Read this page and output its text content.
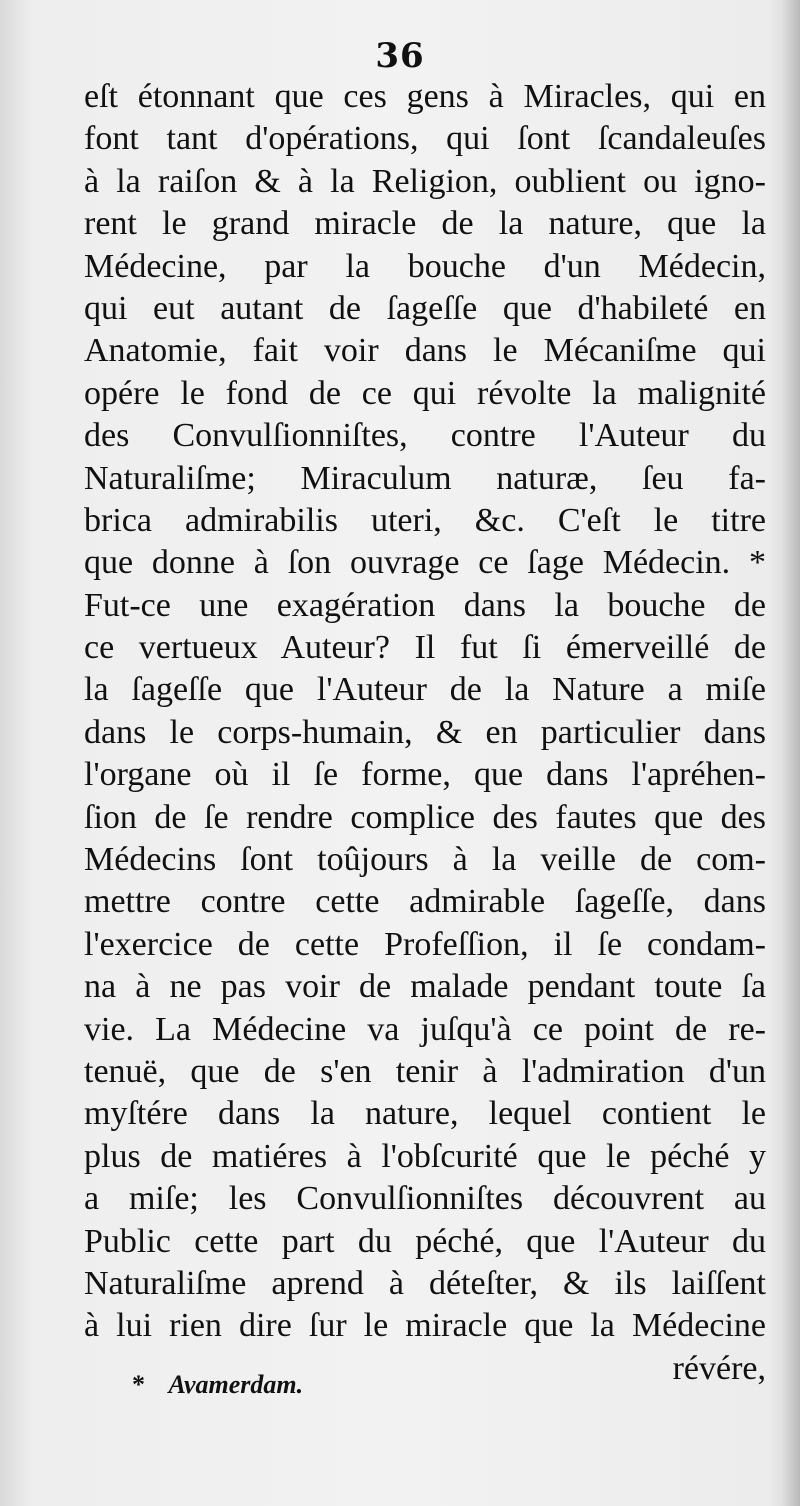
36
eſt étonnant que ces gens à Miracles, qui en
font tant d'opérations, qui ſont ſcandaleuſes
à la raiſon & à la Religion, oublient ou igno-
rent le grand miracle de la nature, que la
Médecine, par la bouche d'un Médecin,
qui eut autant de ſageſſe que d'habileté en
Anatomie, fait voir dans le Mécaniſme qui
opére le fond de ce qui révolte la malignité
des Convulſionniſtes, contre l'Auteur du
Naturaliſme; Miraculum naturæ, ſeu fa-
brica admirabilis uteri, &c. C'eſt le titre
que donne à ſon ouvrage ce ſage Médecin. *
Fut-ce une exagération dans la bouche de
ce vertueux Auteur? Il fut ſi émerveillé de
la ſageſſe que l'Auteur de la Nature a miſe
dans le corps-humain, & en particulier dans
l'organe où il ſe forme, que dans l'apréhen-
ſion de ſe rendre complice des fautes que des
Médecins ſont toûjours à la veille de com-
mettre contre cette admirable ſageſſe, dans
l'exercice de cette Profeſſion, il ſe condam-
na à ne pas voir de malade pendant toute ſa
vie. La Médecine va juſqu'à ce point de re-
tenuë, que de s'en tenir à l'admiration d'un
myſtére dans la nature, lequel contient le
plus de matiéres à l'obſcurité que le péché y
a miſe; les Convulſionniſtes découvrent au
Public cette part du péché, que l'Auteur du
Naturaliſme aprend à déteſter, & ils laiſſent
à lui rien dire ſur le miracle que la Médecine
révére,
* Avamerdam.
